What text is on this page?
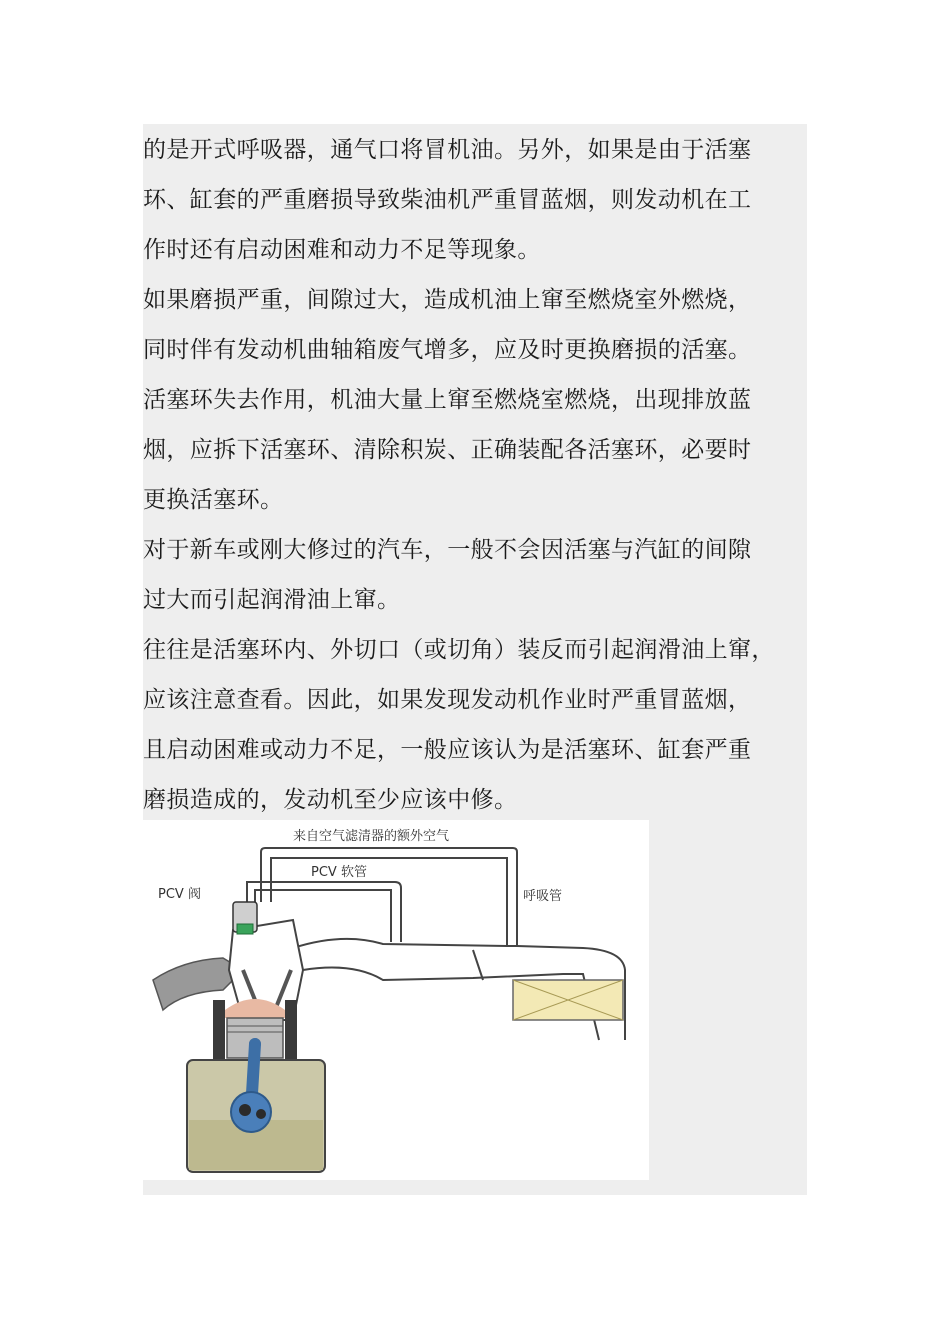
的是开式呼吸器，通气口将冒机油。另外，如果是由于活塞
环、缸套的严重磨损导致柴油机严重冒蓝烟，则发动机在工
作时还有启动困难和动力不足等现象。
如果磨损严重，间隙过大，造成机油上窜至燃烧室外燃烧，
同时伴有发动机曲轴箱废气增多，应及时更换磨损的活塞。
活塞环失去作用，机油大量上窜至燃烧室燃烧，出现排放蓝
烟，应拆下活塞环、清除积炭、正确装配各活塞环，必要时
更换活塞环。
对于新车或刚大修过的汽车，一般不会因活塞与汽缸的间隙
过大而引起润滑油上窜。
往往是活塞环内、外切口（或切角）装反而引起润滑油上窜，
应该注意查看。因此，如果发现发动机作业时严重冒蓝烟，
且启动困难或动力不足，一般应该认为是活塞环、缸套严重
磨损造成的，发动机至少应该中修。
来自空气滤清器的额外空气
PCV 软管
PCV 阀	呼吸管
